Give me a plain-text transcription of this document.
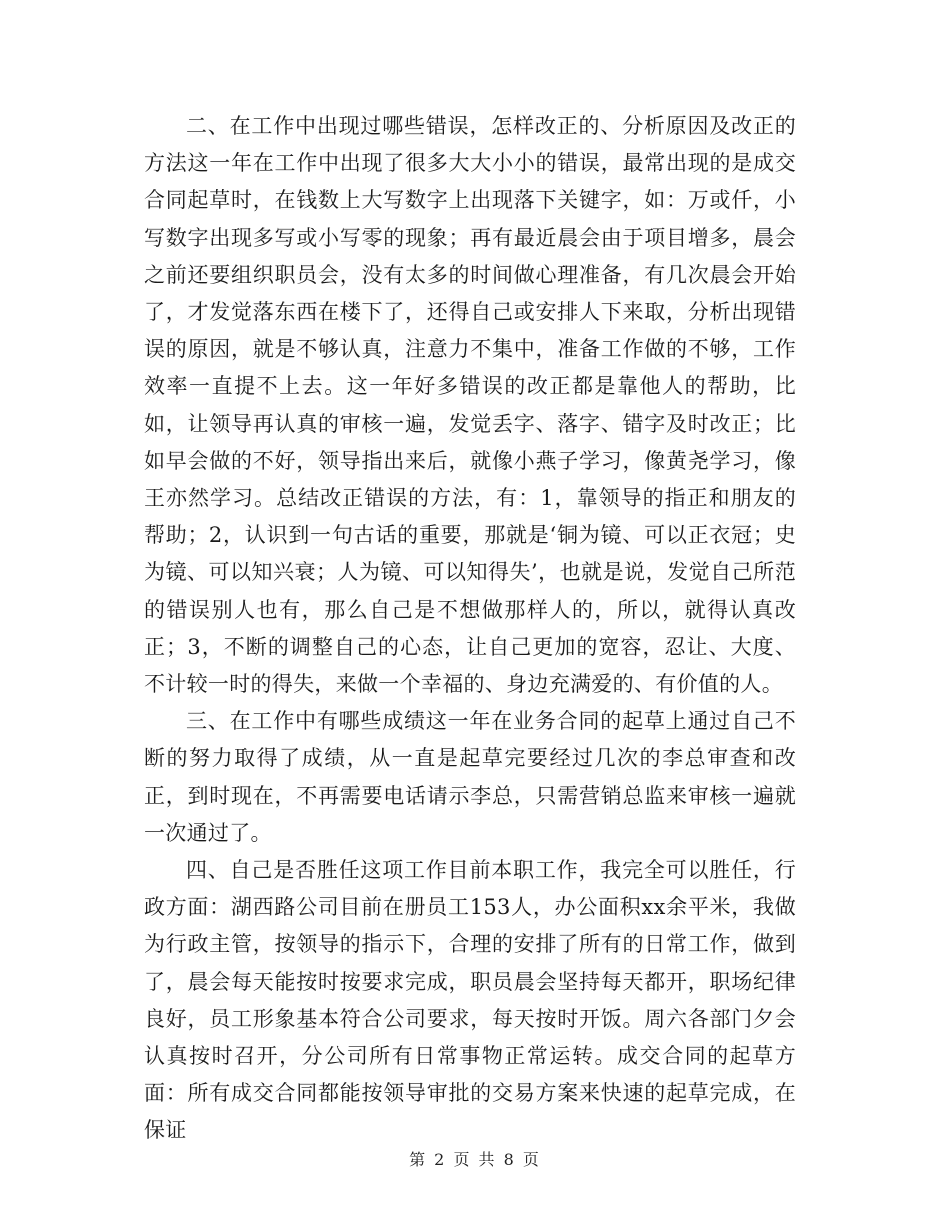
二、在工作中出现过哪些错误，怎样改正的、分析原因及改正的方法这一年在工作中出现了很多大大小小的错误，最常出现的是成交合同起草时，在钱数上大写数字上出现落下关键字，如：万或仟，小写数字出现多写或小写零的现象；再有最近晨会由于项目增多，晨会之前还要组织职员会，没有太多的时间做心理准备，有几次晨会开始了，才发觉落东西在楼下了，还得自己或安排人下来取，分析出现错误的原因，就是不够认真，注意力不集中，准备工作做的不够，工作效率一直提不上去。这一年好多错误的改正都是靠他人的帮助，比如，让领导再认真的审核一遍，发觉丢字、落字、错字及时改正；比如早会做的不好，领导指出来后，就像小燕子学习，像黄尧学习，像王亦然学习。总结改正错误的方法，有：1，靠领导的指正和朋友的帮助；2，认识到一句古话的重要，那就是‘铜为镜、可以正衣冠；史为镜、可以知兴衰；人为镜、可以知得失’，也就是说，发觉自己所范的错误别人也有，那么自己是不想做那样人的，所以，就得认真改正；3，不断的调整自己的心态，让自己更加的宽容，忍让、大度、不计较一时的得失，来做一个幸福的、身边充满爱的、有价值的人。

三、在工作中有哪些成绩这一年在业务合同的起草上通过自己不断的努力取得了成绩，从一直是起草完要经过几次的李总审查和改正，到时现在，不再需要电话请示李总，只需营销总监来审核一遍就一次通过了。

四、自己是否胜任这项工作目前本职工作，我完全可以胜任，行政方面：湖西路公司目前在册员工153人，办公面积xx余平米，我做为行政主管，按领导的指示下，合理的安排了所有的日常工作，做到了，晨会每天能按时按要求完成，职员晨会坚持每天都开，职场纪律良好，员工形象基本符合公司要求，每天按时开饭。周六各部门夕会认真按时召开，分公司所有日常事物正常运转。成交合同的起草方面：所有成交合同都能按领导审批的交易方案来快速的起草完成，在保证

第 2 页 共 8 页
